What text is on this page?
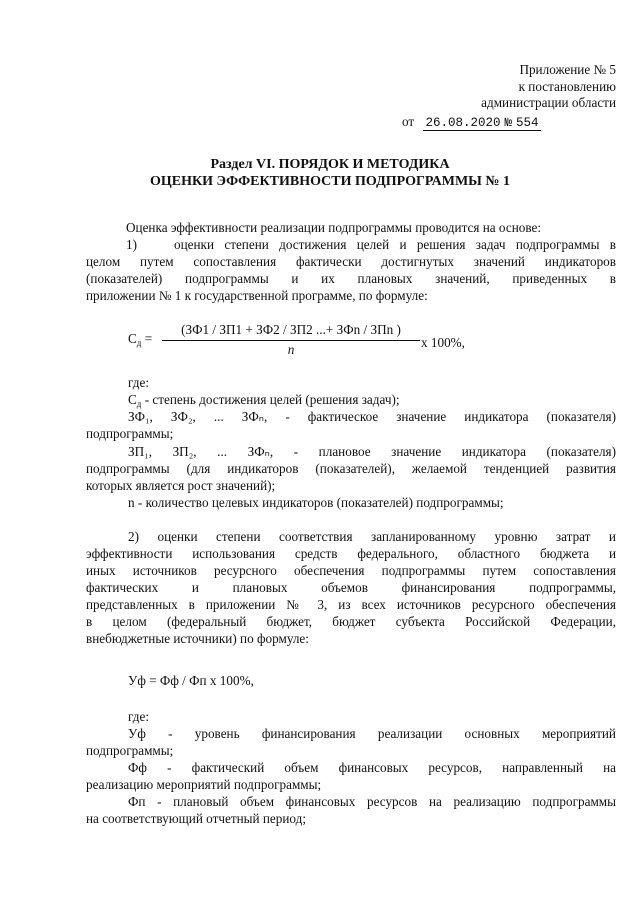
Приложение № 5
к постановлению
администрации области
от 26.08.2020 № 554
Раздел VI. ПОРЯДОК И МЕТОДИКА
ОЦЕНКИ ЭФФЕКТИВНОСТИ ПОДПРОГРАММЫ № 1
Оценка эффективности реализации подпрограммы проводится на основе:
1)	оценки степени достижения целей и решения задач подпрограммы в
целом путем сопоставления фактически достигнутых значений индикаторов
(показателей) подпрограммы и их плановых значений, приведенных в
приложении № 1 к государственной программе, по формуле:
$С_д$ =
(ЗФ1 / ЗП1 + ЗФ2 / ЗП2 ...+ ЗФn / ЗПn )
n	x 100%,
где:
$С_д$ - степень достижения целей (решения задач);
ЗФ₁, ЗФ₂, ... ЗФₙ, - фактическое значение индикатора (показателя)
подпрограммы;
ЗП₁, ЗП₂, ... ЗФₙ, - плановое значение индикатора (показателя)
подпрограммы (для индикаторов (показателей), желаемой тенденцией развития
которых является рост значений);
n - количество целевых индикаторов (показателей) подпрограммы;
2) оценки степени соответствия запланированному уровню затрат и
эффективности использования средств федерального, областного бюджета и
иных источников ресурсного обеспечения подпрограммы путем сопоставления
фактических и плановых объемов финансирования подпрограммы,
представленных в приложении № 3, из всех источников ресурсного обеспечения
в целом (федеральный бюджет, бюджет субъекта Российской Федерации,
внебюджетные источники) по формуле:
Уф = Фф / Фп x 100%,
где:
Уф - уровень финансирования реализации основных мероприятий
подпрограммы;
Фф - фактический объем финансовых ресурсов, направленный на
реализацию мероприятий подпрограммы;
Фп - плановый объем финансовых ресурсов на реализацию подпрограммы
на соответствующий отчетный период;
